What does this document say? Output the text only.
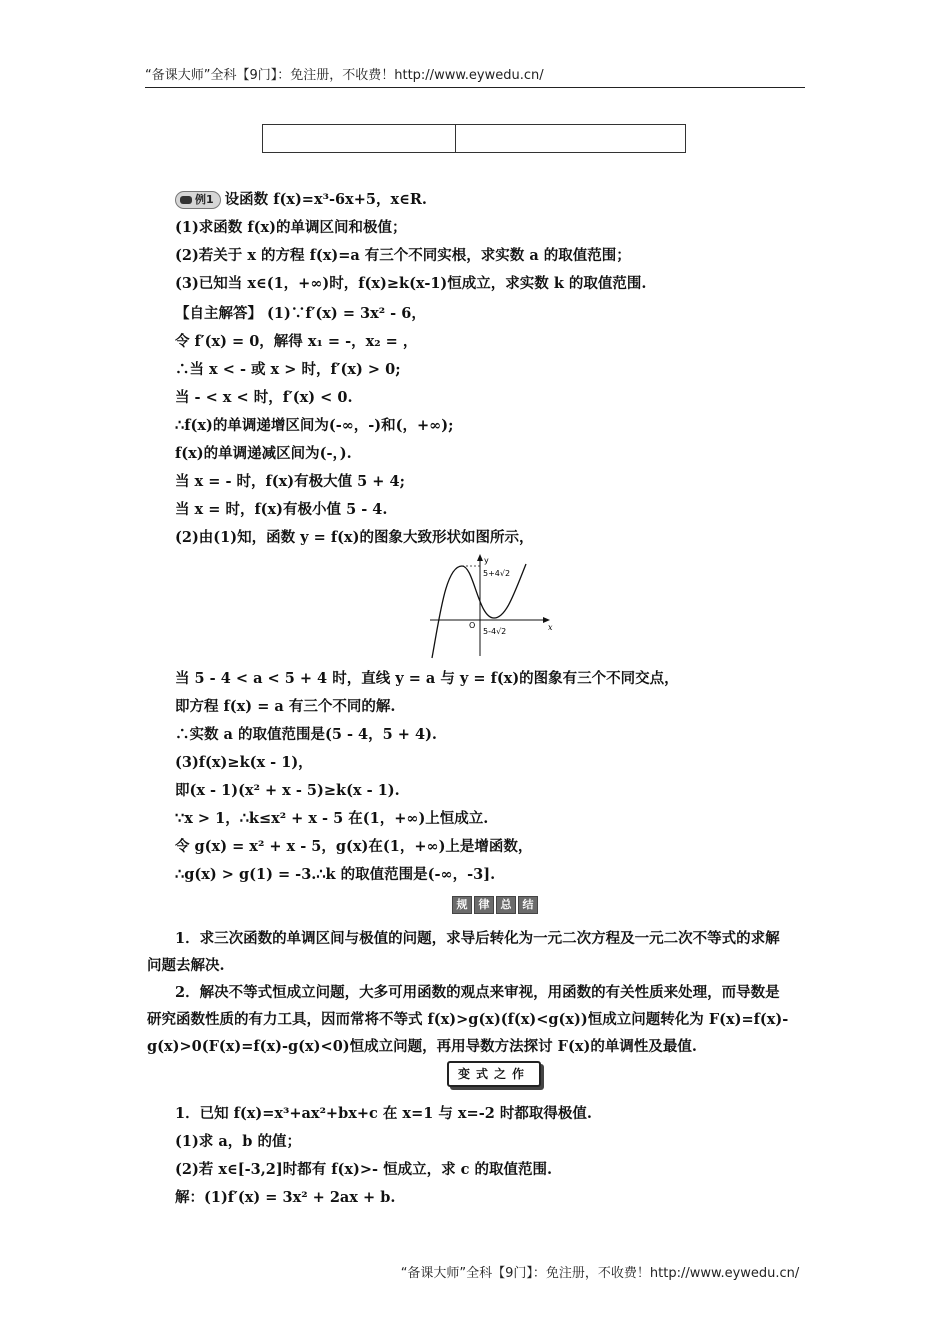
“备课大师”全科【9门】：免注册，不收费！http://www.eywedu.cn/
例1 设函数 f(x)=x³-6x+5，x∈R.
(1)求函数 f(x)的单调区间和极值；
(2)若关于 x 的方程 f(x)=a 有三个不同实根，求实数 a 的取值范围；
(3)已知当 x∈(1，+∞)时，f(x)≥k(x-1)恒成立，求实数 k 的取值范围.
【自主解答】 (1)∵f′(x) = 3x² - 6，
令 f′(x) = 0，解得 x₁ = -，x₂ = ，
∴当 x < - 或 x > 时，f′(x) > 0;
当 - < x < 时，f′(x) < 0.
∴f(x)的单调递增区间为(-∞，-)和(，+∞);
f(x)的单调递减区间为(-，).
当 x = - 时，f(x)有极大值 5 + 4;
当 x = 时，f(x)有极小值 5 - 4.
(2)由(1)知，函数 y = f(x)的图象大致形状如图所示，
y
x
O
5+4√2
5-4√2
当 5 - 4 < a < 5 + 4 时，直线 y = a 与 y = f(x)的图象有三个不同交点，
即方程 f(x) = a 有三个不同的解.
∴实数 a 的取值范围是(5 - 4，5 + 4).
(3)f(x)≥k(x - 1)，
即(x - 1)(x² + x - 5)≥k(x - 1).
∵x > 1，∴k≤x² + x - 5 在(1，+∞)上恒成立.
令 g(x) = x² + x - 5，g(x)在(1，+∞)上是增函数，
∴g(x) > g(1) = -3.∴k 的取值范围是(-∞，-3].
规	律	总	结
1．求三次函数的单调区间与极值的问题，求导后转化为一元二次方程及一元二次不等式的求解问题去解决.
2．解决不等式恒成立问题，大多可用函数的观点来审视，用函数的有关性质来处理，而导数是研究函数性质的有力工具，因而常将不等式 f(x)>g(x)(f(x)<g(x))恒成立问题转化为 F(x)=f(x)-g(x)>0(F(x)=f(x)-g(x)<0)恒成立问题，再用导数方法探讨 F(x)的单调性及最值.
变式之作
1．已知 f(x)=x³+ax²+bx+c 在 x=1 与 x=-2 时都取得极值.
(1)求 a，b 的值；
(2)若 x∈[-3,2]时都有 f(x)>- 恒成立，求 c 的取值范围.
解：(1)f′(x) = 3x² + 2ax + b.
“备课大师”全科【9门】：免注册，不收费！http://www.eywedu.cn/
